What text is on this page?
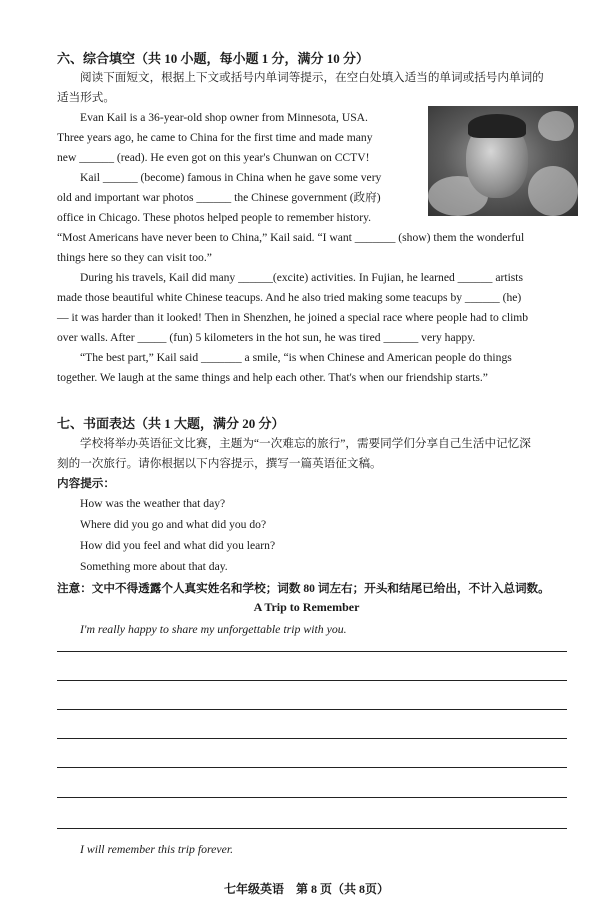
六、综合填空（共 10 小题，每小题 1 分，满分 10 分）
阅读下面短文，根据上下文或括号内单词等提示，在空白处填入适当的单词或括号内单词的
适当形式。
Evan Kail is a 36-year-old shop owner from Minnesota, USA.
Three years ago, he came to China for the first time and made many
new ______ (read). He even got on this year's Chunwan on CCTV!
Kail ______ (become) famous in China when he gave some very
old and important war photos ______ the Chinese government (政府)
office in Chicago. These photos helped people to remember history.
“Most Americans have never been to China,” Kail said. “I want _______ (show) them the wonderful
things here so they can visit too.”
During his travels, Kail did many ______(excite) activities. In Fujian, he learned ______ artists
made those beautiful white Chinese teacups. And he also tried making some teacups by ______ (he)
— it was harder than it looked! Then in Shenzhen, he joined a special race where people had to climb
over walls. After _____ (fun) 5 kilometers in the hot sun, he was tired ______ very happy.
“The best part,” Kail said _______ a smile, “is when Chinese and American people do things
together. We laugh at the same things and help each other. That's when our friendship starts.”
七、书面表达（共 1 大题，满分 20 分）
学校将举办英语征文比赛，主题为“一次难忘的旅行”，需要同学们分享自己生活中记忆深
刻的一次旅行。请你根据以下内容提示，撰写一篇英语征文稿。
内容提示：
How was the weather that day?
Where did you go and what did you do?
How did you feel and what did you learn?
Something more about that day.
注意：文中不得透露个人真实姓名和学校；词数 80 词左右；开头和结尾已给出，不计入总词数。
A Trip to Remember
I'm really happy to share my unforgettable trip with you.
I will remember this trip forever.
七年级英语　第 8 页（共 8页）
